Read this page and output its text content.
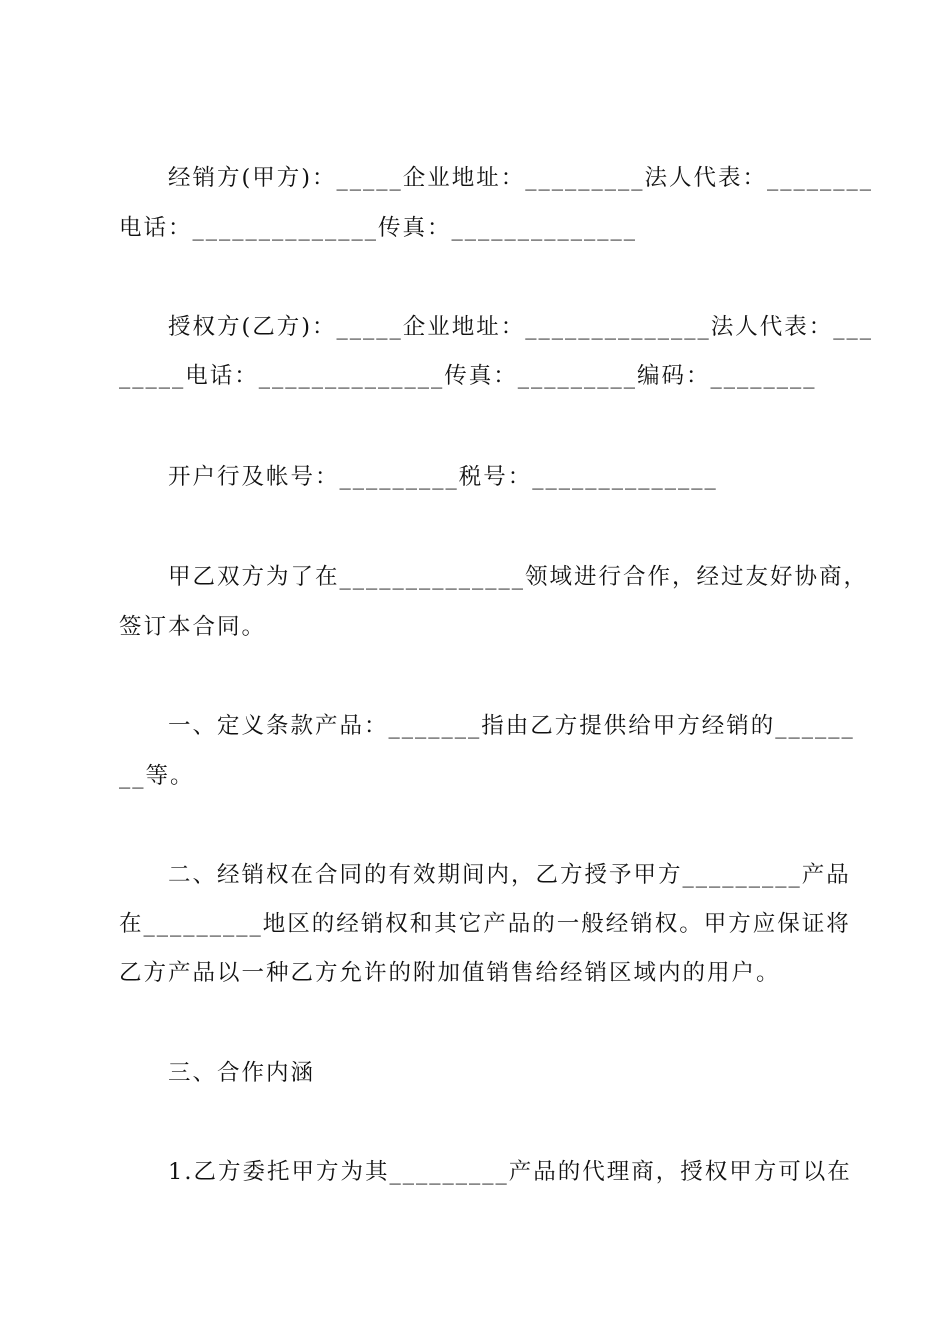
经销方(甲方)：_____企业地址：_________法人代表：________
电话：______________传真：______________
授权方(乙方)：_____企业地址：______________法人代表：___
_____电话：______________传真：_________编码：________
开户行及帐号：_________税号：______________
甲乙双方为了在______________领域进行合作，经过友好协商，
签订本合同。
一、定义条款产品：_______指由乙方提供给甲方经销的______
__等。
二、经销权在合同的有效期间内，乙方授予甲方_________产品
在_________地区的经销权和其它产品的一般经销权。甲方应保证将
乙方产品以一种乙方允许的附加值销售给经销区域内的用户。
三、合作内涵
1.乙方委托甲方为其_________产品的代理商，授权甲方可以在
